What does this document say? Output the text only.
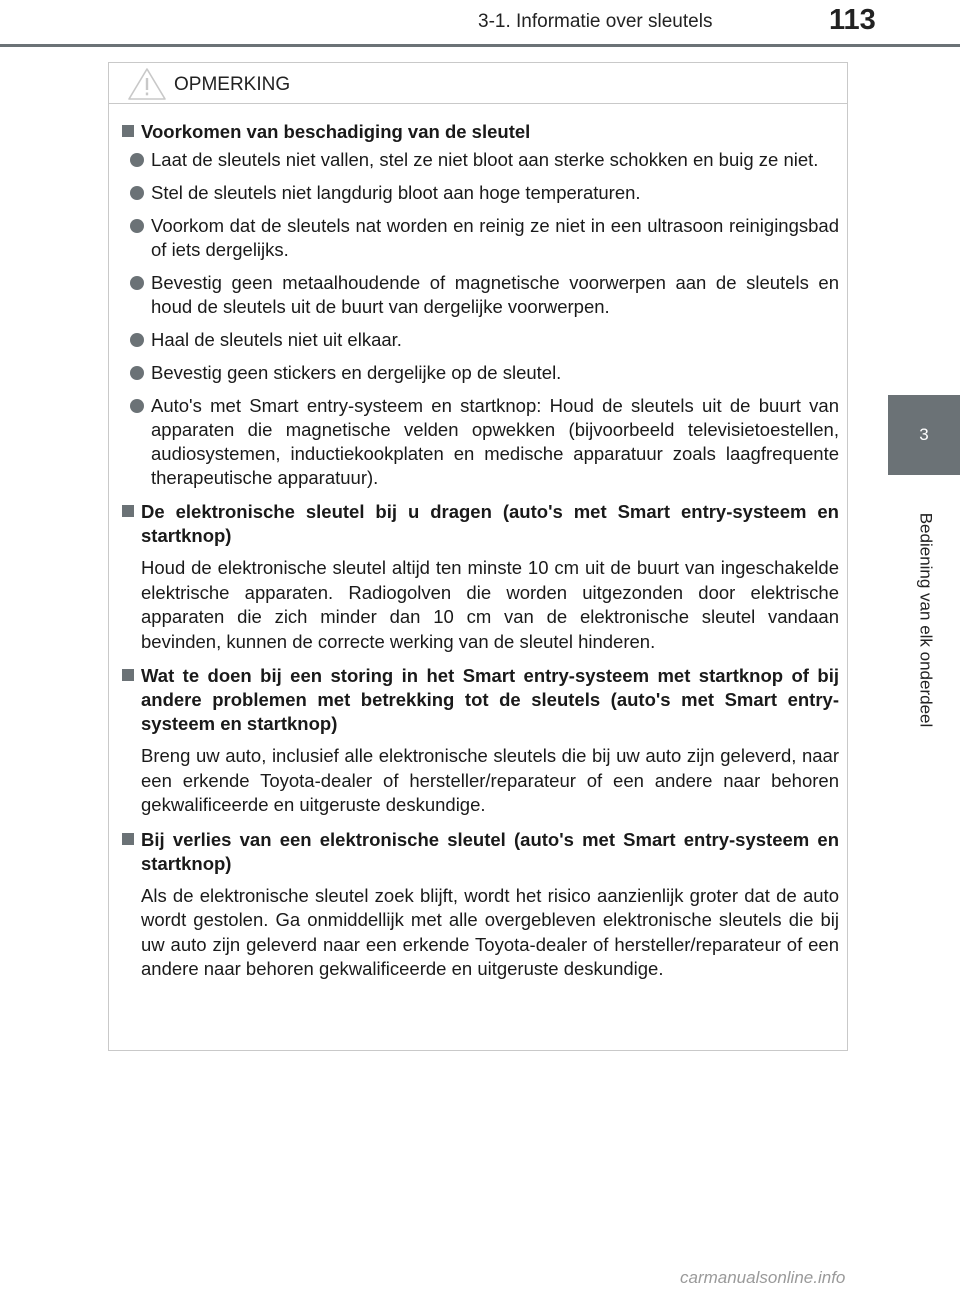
3-1. Informatie over sleutels	113
3
Bediening van elk onderdeel
OPMERKING
Voorkomen van beschadiging van de sleutel
Laat de sleutels niet vallen, stel ze niet bloot aan sterke schokken en buig ze niet.
Stel de sleutels niet langdurig bloot aan hoge temperaturen.
Voorkom dat de sleutels nat worden en reinig ze niet in een ultrasoon reinigingsbad of iets dergelijks.
Bevestig geen metaalhoudende of magnetische voorwerpen aan de sleutels en houd de sleutels uit de buurt van dergelijke voorwerpen.
Haal de sleutels niet uit elkaar.
Bevestig geen stickers en dergelijke op de sleutel.
Auto's met Smart entry-systeem en startknop: Houd de sleutels uit de buurt van apparaten die magnetische velden opwekken (bijvoorbeeld televisietoestellen, audiosystemen, inductiekookplaten en medische apparatuur zoals laagfrequente therapeutische apparatuur).
De elektronische sleutel bij u dragen (auto's met Smart entry-systeem en startknop)

Houd de elektronische sleutel altijd ten minste 10 cm uit de buurt van ingeschakelde elektrische apparaten. Radiogolven die worden uitgezonden door elektrische apparaten die zich minder dan 10 cm van de elektronische sleutel vandaan bevinden, kunnen de correcte werking van de sleutel hinderen.

Wat te doen bij een storing in het Smart entry-systeem met startknop of bij andere problemen met betrekking tot de sleutels (auto's met Smart entry-systeem en startknop)

Breng uw auto, inclusief alle elektronische sleutels die bij uw auto zijn geleverd, naar een erkende Toyota-dealer of hersteller/reparateur of een andere naar behoren gekwalificeerde en uitgeruste deskundige.

Bij verlies van een elektronische sleutel (auto's met Smart entry-systeem en startknop)

Als de elektronische sleutel zoek blijft, wordt het risico aanzienlijk groter dat de auto wordt gestolen. Ga onmiddellijk met alle overgebleven elektronische sleutels die bij uw auto zijn geleverd naar een erkende Toyota-dealer of hersteller/reparateur of een andere naar behoren gekwalificeerde en uitgeruste deskundige.

carmanualsonline.info
